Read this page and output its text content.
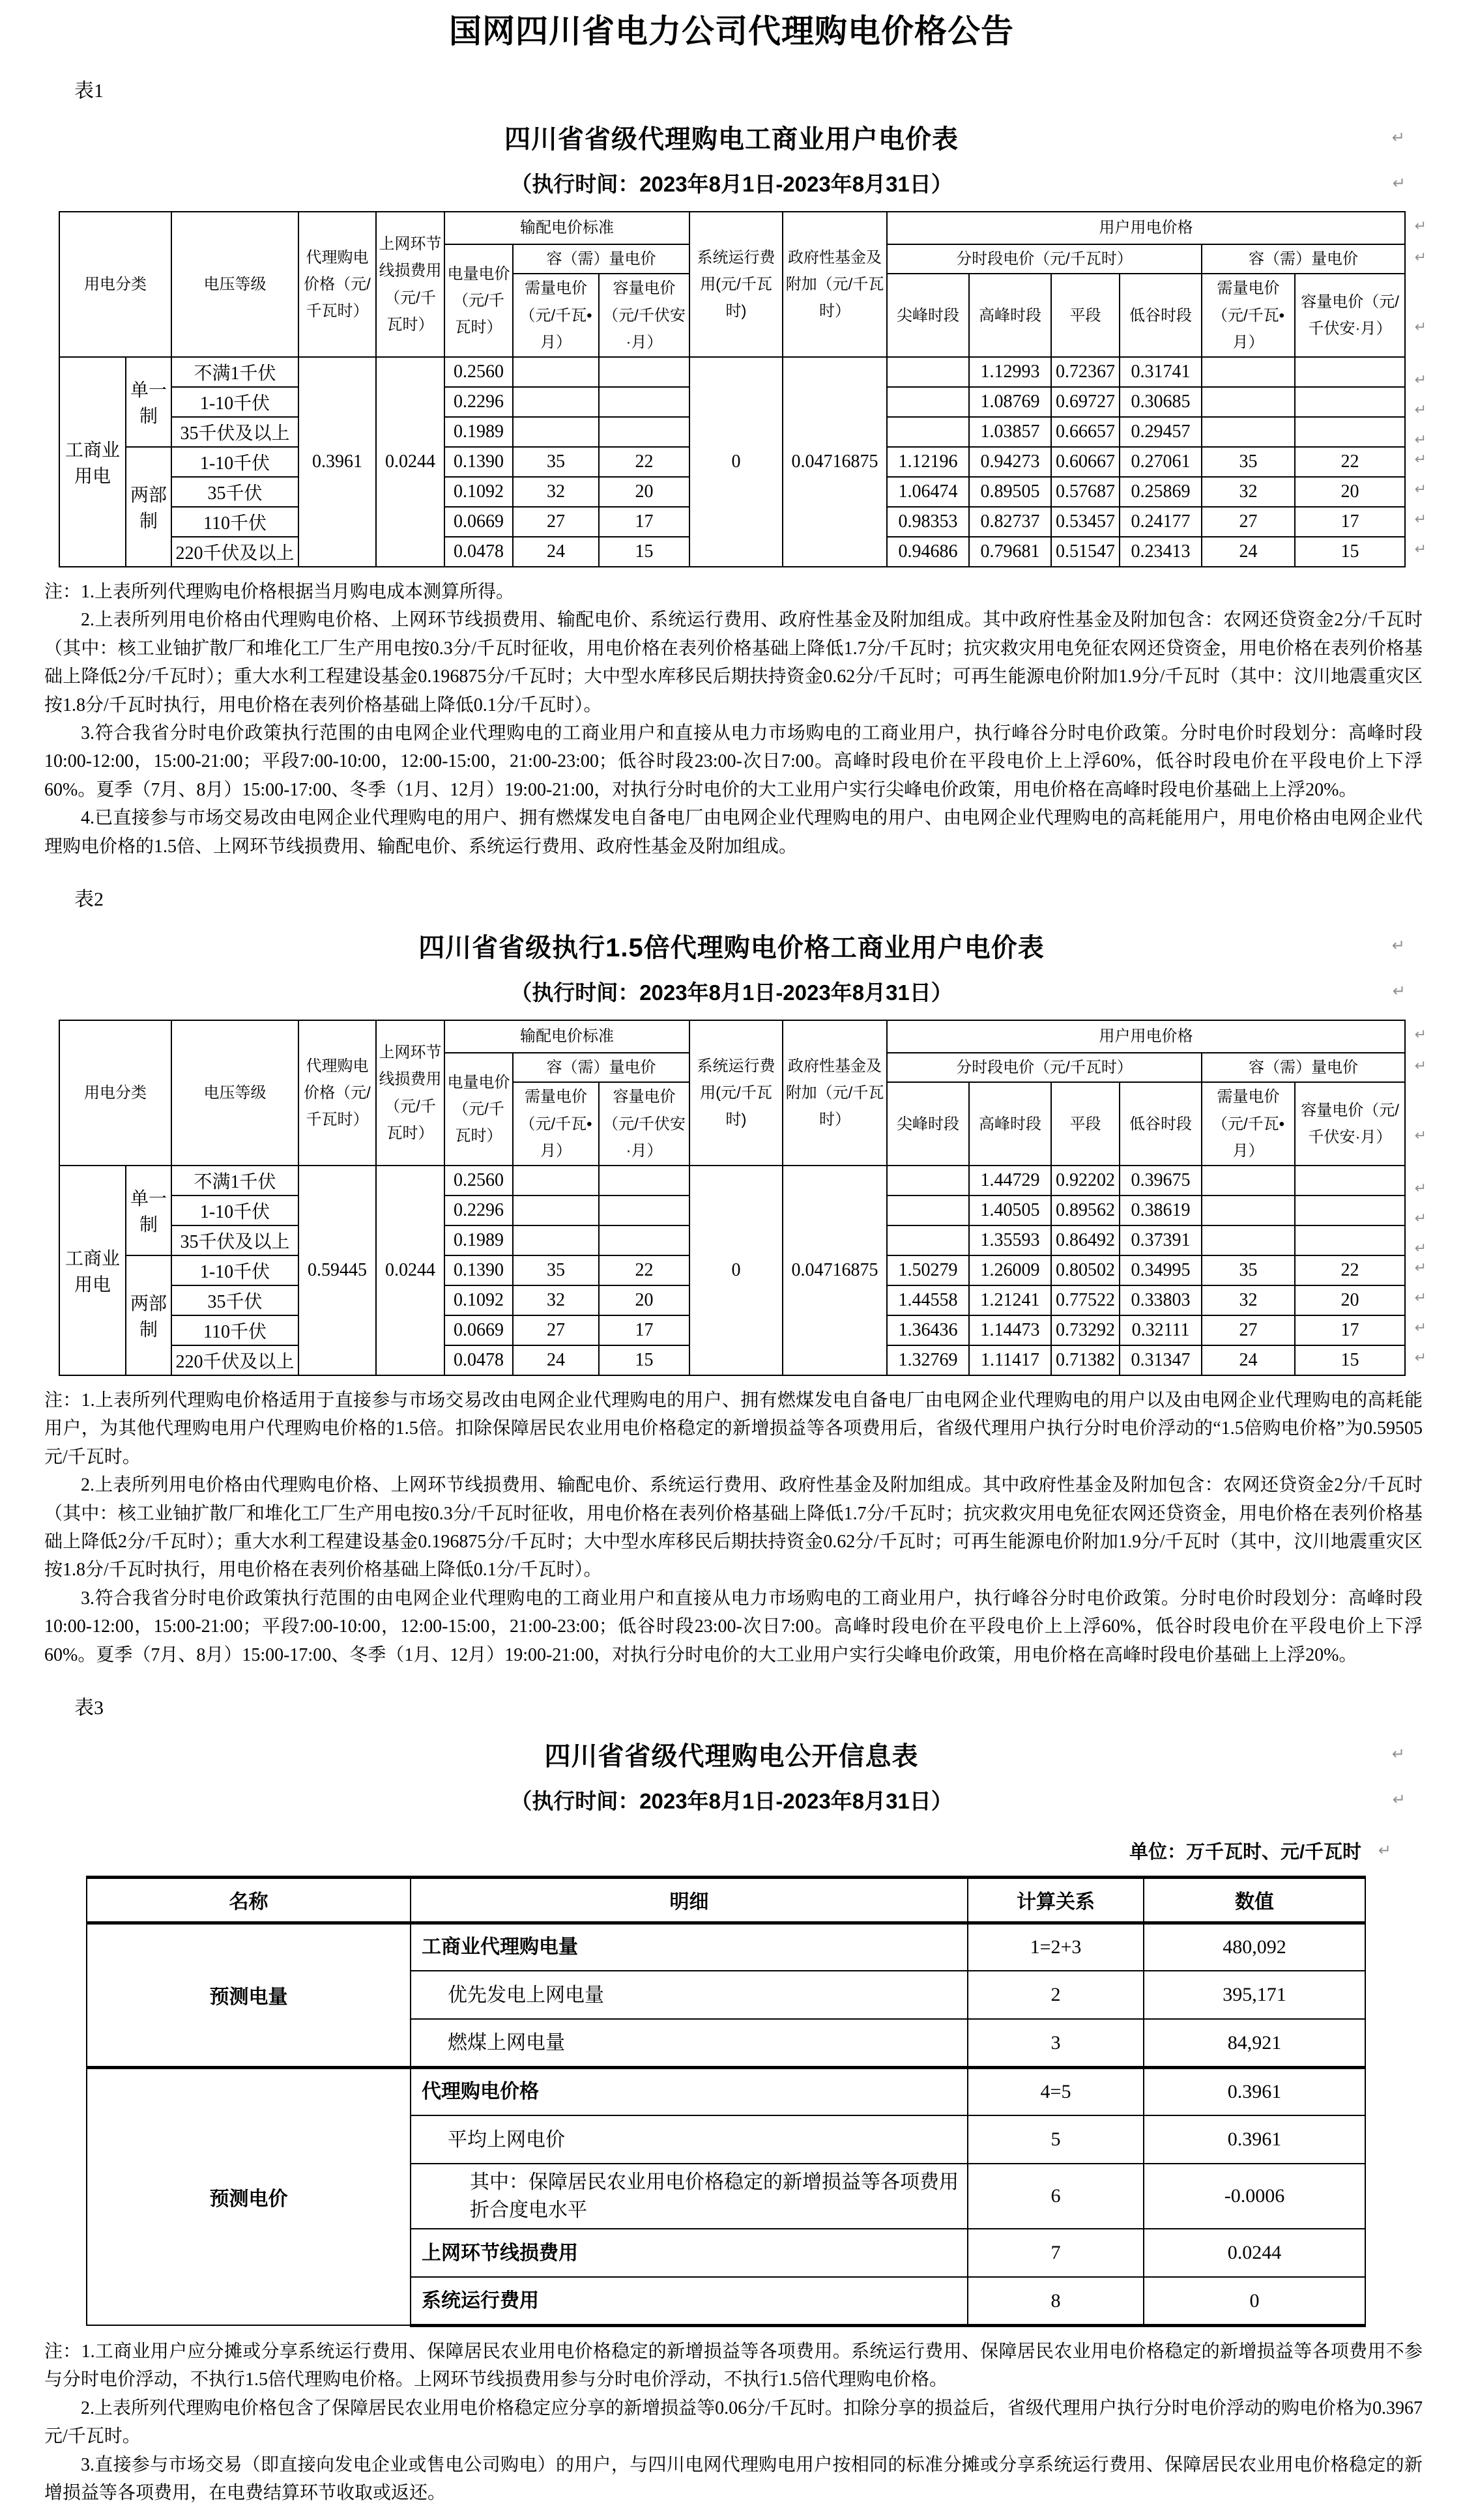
国网四川省电力公司代理购电价格公告
表1
四川省省级代理购电工商业用户电价表 ↵
（执行时间：2023年8月1日-2023年8月31日） ↵
用电分类		电压等级	代理购电价格（元/千瓦时）	上网环节线损费用（元/千瓦时）	输配电价标准			系统运行费用(元/千瓦时)	政府性基金及附加（元/千瓦时）	用户用电价格 ↵
					电量电价（元/千瓦时）	容（需）量电价				分时段电价（元/千瓦时）				容（需）量电价 ↵
						需量电价（元/千瓦•月）	容量电价（元/千伏安·月）			尖峰时段	高峰时段	平段	低谷时段	需量电价（元/千瓦•月）	容量电价（元/千伏安·月） ↵
工商业用电	单一制	不满1千伏	0.3961	0.0244	0.2560			0	0.04716875		1.12993	0.72367	0.31741		↵
		1-10千伏			0.2296						1.08769	0.69727	0.30685		↵
		35千伏及以上			0.1989						1.03857	0.66657	0.29457		↵
	两部制	1-10千伏			0.1390	35	22			1.12196	0.94273	0.60667	0.27061	35	22 ↵
		35千伏			0.1092	32	20			1.06474	0.89505	0.57687	0.25869	32	20 ↵
		110千伏			0.0669	27	17			0.98353	0.82737	0.53457	0.24177	27	17 ↵
		220千伏及以上			0.0478	24	15			0.94686	0.79681	0.51547	0.23413	24	15 ↵
注：1.上表所列代理购电价格根据当月购电成本测算所得。
2.上表所列用电价格由代理购电价格、上网环节线损费用、输配电价、系统运行费用、政府性基金及附加组成。其中政府性基金及附加包含：农网还贷资金2分/千瓦时（其中：核工业铀扩散厂和堆化工厂生产用电按0.3分/千瓦时征收，用电价格在表列价格基础上降低1.7分/千瓦时；抗灾救灾用电免征农网还贷资金，用电价格在表列价格基础上降低2分/千瓦时）；重大水利工程建设基金0.196875分/千瓦时；大中型水库移民后期扶持资金0.62分/千瓦时；可再生能源电价附加1.9分/千瓦时（其中：汶川地震重灾区按1.8分/千瓦时执行，用电价格在表列价格基础上降低0.1分/千瓦时）。
3.符合我省分时电价政策执行范围的由电网企业代理购电的工商业用户和直接从电力市场购电的工商业用户，执行峰谷分时电价政策。分时电价时段划分：高峰时段10:00-12:00，15:00-21:00；平段7:00-10:00，12:00-15:00，21:00-23:00；低谷时段23:00-次日7:00。高峰时段电价在平段电价上上浮60%，低谷时段电价在平段电价上下浮60%。夏季（7月、8月）15:00-17:00、冬季（1月、12月）19:00-21:00，对执行分时电价的大工业用户实行尖峰电价政策，用电价格在高峰时段电价基础上上浮20%。
4.已直接参与市场交易改由电网企业代理购电的用户、拥有燃煤发电自备电厂由电网企业代理购电的用户、由电网企业代理购电的高耗能用户，用电价格由电网企业代理购电价格的1.5倍、上网环节线损费用、输配电价、系统运行费用、政府性基金及附加组成。
表2
四川省省级执行1.5倍代理购电价格工商业用户电价表 ↵
（执行时间：2023年8月1日-2023年8月31日） ↵
用电分类		电压等级	代理购电价格（元/千瓦时）	上网环节线损费用（元/千瓦时）	输配电价标准			系统运行费用(元/千瓦时)	政府性基金及附加（元/千瓦时）	用户用电价格 ↵
					电量电价（元/千瓦时）	容（需）量电价				分时段电价（元/千瓦时）				容（需）量电价 ↵
						需量电价（元/千瓦•月）	容量电价（元/千伏安·月）			尖峰时段	高峰时段	平段	低谷时段	需量电价（元/千瓦•月）	容量电价（元/千伏安·月） ↵
工商业用电	单一制	不满1千伏	0.59445	0.0244	0.2560			0	0.04716875		1.44729	0.92202	0.39675		↵
		1-10千伏			0.2296						1.40505	0.89562	0.38619		↵
		35千伏及以上			0.1989						1.35593	0.86492	0.37391		↵
	两部制	1-10千伏			0.1390	35	22			1.50279	1.26009	0.80502	0.34995	35	22 ↵
		35千伏			0.1092	32	20			1.44558	1.21241	0.77522	0.33803	32	20 ↵
		110千伏			0.0669	27	17			1.36436	1.14473	0.73292	0.32111	27	17 ↵
		220千伏及以上			0.0478	24	15			1.32769	1.11417	0.71382	0.31347	24	15 ↵
注：1.上表所列代理购电价格适用于直接参与市场交易改由电网企业代理购电的用户、拥有燃煤发电自备电厂由电网企业代理购电的用户以及由电网企业代理购电的高耗能用户，为其他代理购电用户代理购电价格的1.5倍。扣除保障居民农业用电价格稳定的新增损益等各项费用后，省级代理用户执行分时电价浮动的“1.5倍购电价格”为0.59505元/千瓦时。
2.上表所列用电价格由代理购电价格、上网环节线损费用、输配电价、系统运行费用、政府性基金及附加组成。其中政府性基金及附加包含：农网还贷资金2分/千瓦时（其中：核工业铀扩散厂和堆化工厂生产用电按0.3分/千瓦时征收，用电价格在表列价格基础上降低1.7分/千瓦时；抗灾救灾用电免征农网还贷资金，用电价格在表列价格基础上降低2分/千瓦时）；重大水利工程建设基金0.196875分/千瓦时；大中型水库移民后期扶持资金0.62分/千瓦时；可再生能源电价附加1.9分/千瓦时（其中，汶川地震重灾区按1.8分/千瓦时执行，用电价格在表列价格基础上降低0.1分/千瓦时）。
3.符合我省分时电价政策执行范围的由电网企业代理购电的工商业用户和直接从电力市场购电的工商业用户，执行峰谷分时电价政策。分时电价时段划分：高峰时段10:00-12:00，15:00-21:00；平段7:00-10:00，12:00-15:00，21:00-23:00；低谷时段23:00-次日7:00。高峰时段电价在平段电价上上浮60%，低谷时段电价在平段电价上下浮60%。夏季（7月、8月）15:00-17:00、冬季（1月、12月）19:00-21:00，对执行分时电价的大工业用户实行尖峰电价政策，用电价格在高峰时段电价基础上上浮20%。
表3
四川省省级代理购电公开信息表 ↵
（执行时间：2023年8月1日-2023年8月31日） ↵
单位：万千瓦时、元/千瓦时 ↵
名称	明细	计算关系	数值
预测电量	工商业代理购电量	1=2+3	480,092
	优先发电上网电量	2	395,171
	燃煤上网电量	3	84,921
预测电价	代理购电价格	4=5	0.3961
	平均上网电价	5	0.3961
	其中：保障居民农业用电价格稳定的新增损益等各项费用折合度电水平	6	-0.0006
	上网环节线损费用	7	0.0244
	系统运行费用	8	0
注：1.工商业用户应分摊或分享系统运行费用、保障居民农业用电价格稳定的新增损益等各项费用。系统运行费用、保障居民农业用电价格稳定的新增损益等各项费用不参与分时电价浮动，不执行1.5倍代理购电价格。上网环节线损费用参与分时电价浮动，不执行1.5倍代理购电价格。
2.上表所列代理购电价格包含了保障居民农业用电价格稳定应分享的新增损益等0.06分/千瓦时。扣除分享的损益后，省级代理用户执行分时电价浮动的购电价格为0.3967元/千瓦时。
3.直接参与市场交易（即直接向发电企业或售电公司购电）的用户，与四川电网代理购电用户按相同的标准分摊或分享系统运行费用、保障居民农业用电价格稳定的新增损益等各项费用，在电费结算环节收取或返还。
